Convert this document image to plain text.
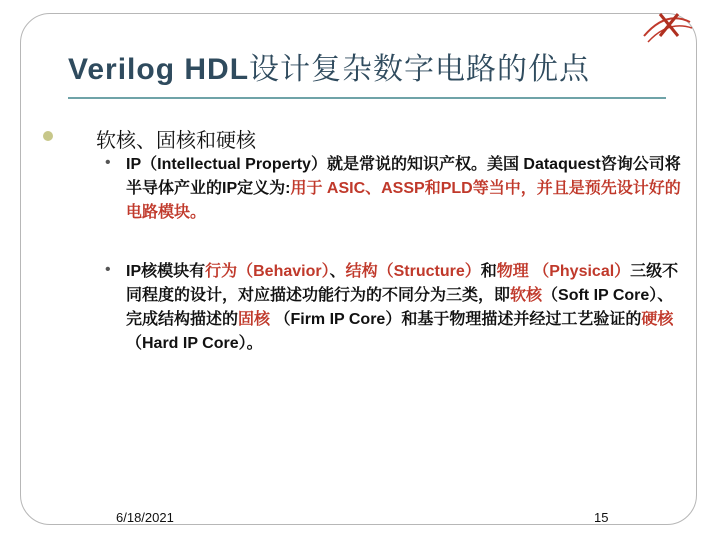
Verilog HDL设计复杂数字电路的优点
软核、固核和硬核
• IP（Intellectual Property）就是常说的知识产权。美国 Dataquest咨询公司将半导体产业的IP定义为:用于 ASIC、ASSP和PLD等当中，并且是预先设计好的电路模块。
• IP核模块有行为（Behavior）、结构（Structure）和物理 （Physical）三级不同程度的设计，对应描述功能行为的不同分为三类，即软核（Soft IP Core）、完成结构描述的固核 （Firm IP Core）和基于物理描述并经过工艺验证的硬核（Hard IP Core）。
6/18/2021	15
